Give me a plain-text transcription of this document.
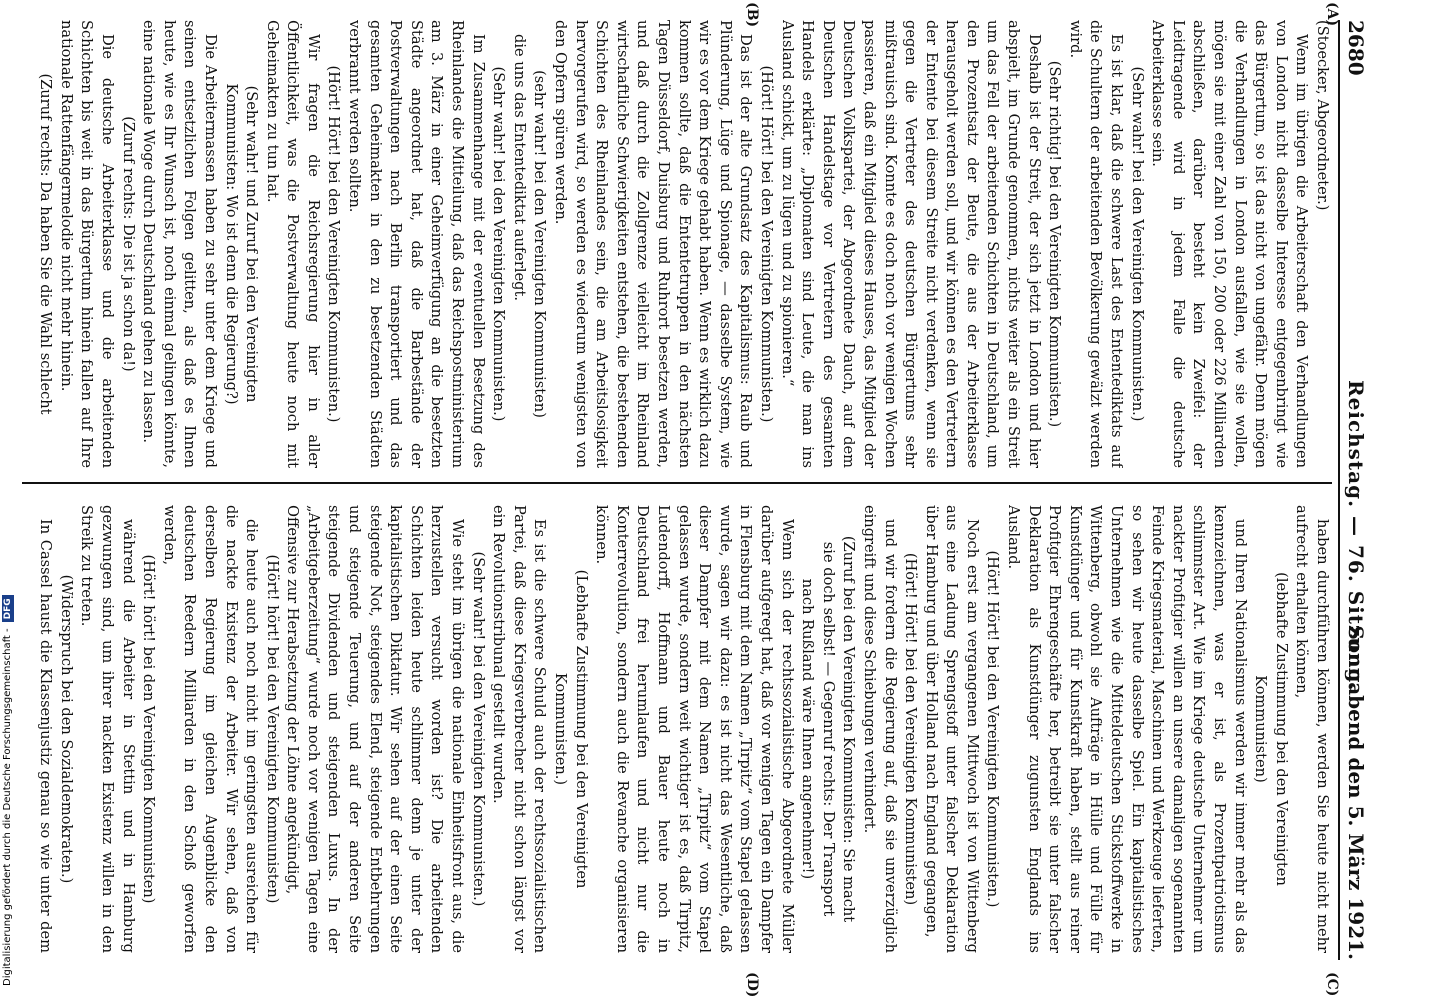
2680
Reichstag. — 76. Sitzung.
Sonnabend den 5. März 1921.
(A)
(B)
(C)
(D)

(Stoecker, Abgeordneter.)

Wenn im übrigen die Arbeiterschaft den Verhandlungen von London nicht dasselbe Interesse entgegenbringt wie das Bürgertum, so ist das nicht von ungefähr. Denn mögen die Verhandlungen in London ausfallen, wie sie wollen, mögen sie mit einer Zahl von 150, 200 oder 226 Milliarden abschließen, darüber besteht kein Zweifel: der Leidtragende wird in jedem Falle die deutsche Arbeiterklasse sein.

(Sehr wahr! bei den Vereinigten Kommunisten.)

Es ist klar, daß die schwere Last des Ententediktats auf die Schultern der arbeitenden Bevölkerung gewälzt werden wird.

(Sehr richtig! bei den Vereinigten Kommunisten.)

Deshalb ist der Streit, der sich jetzt in London und hier abspielt, im Grunde genommen, nichts weiter als ein Streit um das Fell der arbeitenden Schichten in Deutschland, um den Prozentsatz der Beute, die aus der Arbeiterklasse herausgeholt werden soll, und wir können es den Vertretern der Entente bei diesem Streite nicht verdenken, wenn sie gegen die Vertreter des deutschen Bürgertums sehr mißtrauisch sind. Konnte es doch noch vor wenigen Wochen passieren, daß ein Mitglied dieses Hauses, das Mitglied der Deutschen Volkspartei, der Abgeordnete Dauch, auf dem Deutschen Handelstage vor Vertretern des gesamten Handels erklärte: „Diplomaten sind Leute, die man ins Ausland schickt, um zu lügen und zu spionieren.“

(Hört! Hört! bei den Vereinigten Kommunisten.)

Das ist der alte Grundsatz des Kapitalismus: Raub und Plünderung, Lüge und Spionage, — dasselbe System, wie wir es vor dem Kriege gehabt haben. Wenn es wirklich dazu kommen sollte, daß die Ententetruppen in den nächsten Tagen Düsseldorf, Duisburg und Ruhrort besetzen werden, und daß durch die Zollgrenze vielleicht im Rheinland wirtschaftliche Schwierigkeiten entstehen, die bestehenden Schichten des Rheinlandes sein, die am Arbeitslosigkeit hervorgerufen wird, so werden es wiederum wenigsten von den Opfern spüren werden.

(sehr wahr! bei den Vereinigten Kommunisten)

die uns das Ententediktat auferlegt.

(Sehr wahr! bei den Vereinigten Kommunisten.)

Im Zusammenhange mit der eventuellen Besetzung des Rheinlandes die Mitteilung, daß das Reichspostministerium am 3. März in einer Geheimverfügung an die besetzten Städte angeordnet hat, daß die Barbestände der Postverwaltungen nach Berlin transportiert und das gesamten Geheimakten in den zu besetzenden Städten verbrannt werden sollten.

(Hört! Hört! bei den Vereinigten Kommunisten.)

Wir fragen die Reichsregierung hier in aller Öffentlichkeit, was die Postverwaltung heute noch mit Geheimakten zu tun hat.

(Sehr wahr! und Zuruf bei den Vereinigten Kommunisten: Wo ist denn die Regierung?)

Die Arbeitermassen haben zu sehr unter dem Kriege und seinen entsetzlichen Folgen gelitten, als daß es Ihnen heute, wie es Ihr Wunsch ist, noch einmal gelingen könnte, eine nationale Woge durch Deutschland gehen zu lassen.

(Zuruf rechts: Die ist ja schon da!)

Die deutsche Arbeiterklasse und die arbeitenden Schichten bis weit in das Bürgertum hinein fallen auf Ihre nationale Rattenfängermelodie nicht mehr hinein.

(Zuruf rechts: Da haben Sie die Wahl schlecht

haben durchführen können, werden Sie heute nicht mehr aufrecht erhalten können,

(lebhafte Zustimmung bei den Vereinigten Kommunisten)

und Ihren Nationalismus werden wir immer mehr als das kennzeichnen, was er ist, als Prozentpatriotismus schlimmster Art. Wie im Kriege deutsche Unternehmer um nackter Profitgier willen an unsere damaligen sogenannten Feinde Kriegsmaterial, Maschinen und Werkzeuge lieferten, so sehen wir heute dasselbe Spiel. Ein kapitalistisches Unternehmen wie die Mitteldeutschen Stickstoffwerke in Wittenberg, obwohl sie Aufträge in Hülle und Fülle für Kunstdünger und für Kunstkraft haben, stellt aus reiner Profitgier Ehrengeschäfte her, betreibt sie unter falscher Deklaration als Kunstdünger zugunsten Englands ins Ausland.

(Hört! Hört! bei den Vereinigten Kommunisten.)

Noch erst am vergangenen Mittwoch ist von Wittenberg aus eine Ladung Sprengstoff unter falscher Deklaration über Hamburg und über Holland nach England gegangen,

(Hört! Hört! bei den Vereinigten Kommunisten)

und wir fordern die Regierung auf, daß sie unverzüglich eingreift und diese Schiebungen verhindert.

(Zuruf bei den Vereinigten Kommunisten: Sie macht sie doch selbst! — Gegenruf rechts: Der Transport nach Rußland wäre Ihnen angenehmer!)

Wenn sich der rechtssozialistische Abgeordnete Müller darüber aufgeregt hat, daß vor wenigen Tagen ein Dampfer in Flensburg mit dem Namen „Tirpitz“ vom Stapel gelassen wurde, sagen wir dazu: es ist nicht das Wesentliche, daß dieser Dampfer mit dem Namen „Tirpitz“ vom Stapel gelassen wurde, sondern weit wichtiger ist es, daß Tirpitz, Ludendorff, Hoffmann und Bauer heute noch in Deutschland frei herumlaufen und nicht nur die Konterrevolution, sondern auch die Revanche organisieren können.

(Lebhafte Zustimmung bei den Vereinigten Kommunisten.)

Es ist die schwere Schuld auch der rechtssozialistischen Partei, daß diese Kriegsverbrecher nicht schon längst vor ein Revolutionstribunal gestellt wurden.

(Sehr wahr! bei den Vereinigten Kommunisten.)

Wie steht im übrigen die nationale Einheitsfront aus, die herzustellen versucht worden ist? Die arbeitenden Schichten leiden heute schlimmer denn je unter der kapitalistischen Diktatur. Wir sehen auf der einen Seite steigende Not, steigendes Elend, steigende Entbehrungen und steigende Teuerung, und auf der anderen Seite steigende Dividenden und steigenden Luxus. In der „Arbeitgeberzeitung“ wurde noch vor wenigen Tagen eine Offensive zur Herabsetzung der Löhne angekündigt,

(Hört! hört! bei den Vereinigten Kommunisten)

die heute auch noch nicht im geringsten ausreichen für die nackte Existenz der Arbeiter. Wir sehen, daß von derselben Regierung im gleichen Augenblicke den deutschen Reedern Milliarden in den Schoß geworfen werden,

(Hört! hört! bei den Vereinigten Kommunisten)

während die Arbeiter in Stettin und in Hamburg gezwungen sind, um ihrer nackten Existenz willen in den Streik zu treten.

(Widerspruch bei den Sozialdemokraten.)

In Cassel haust die Klassenjustiz genau so wie unter dem

Digitalisierung gefördert durch die Deutsche Forschungsgemeinschaft -DFG
